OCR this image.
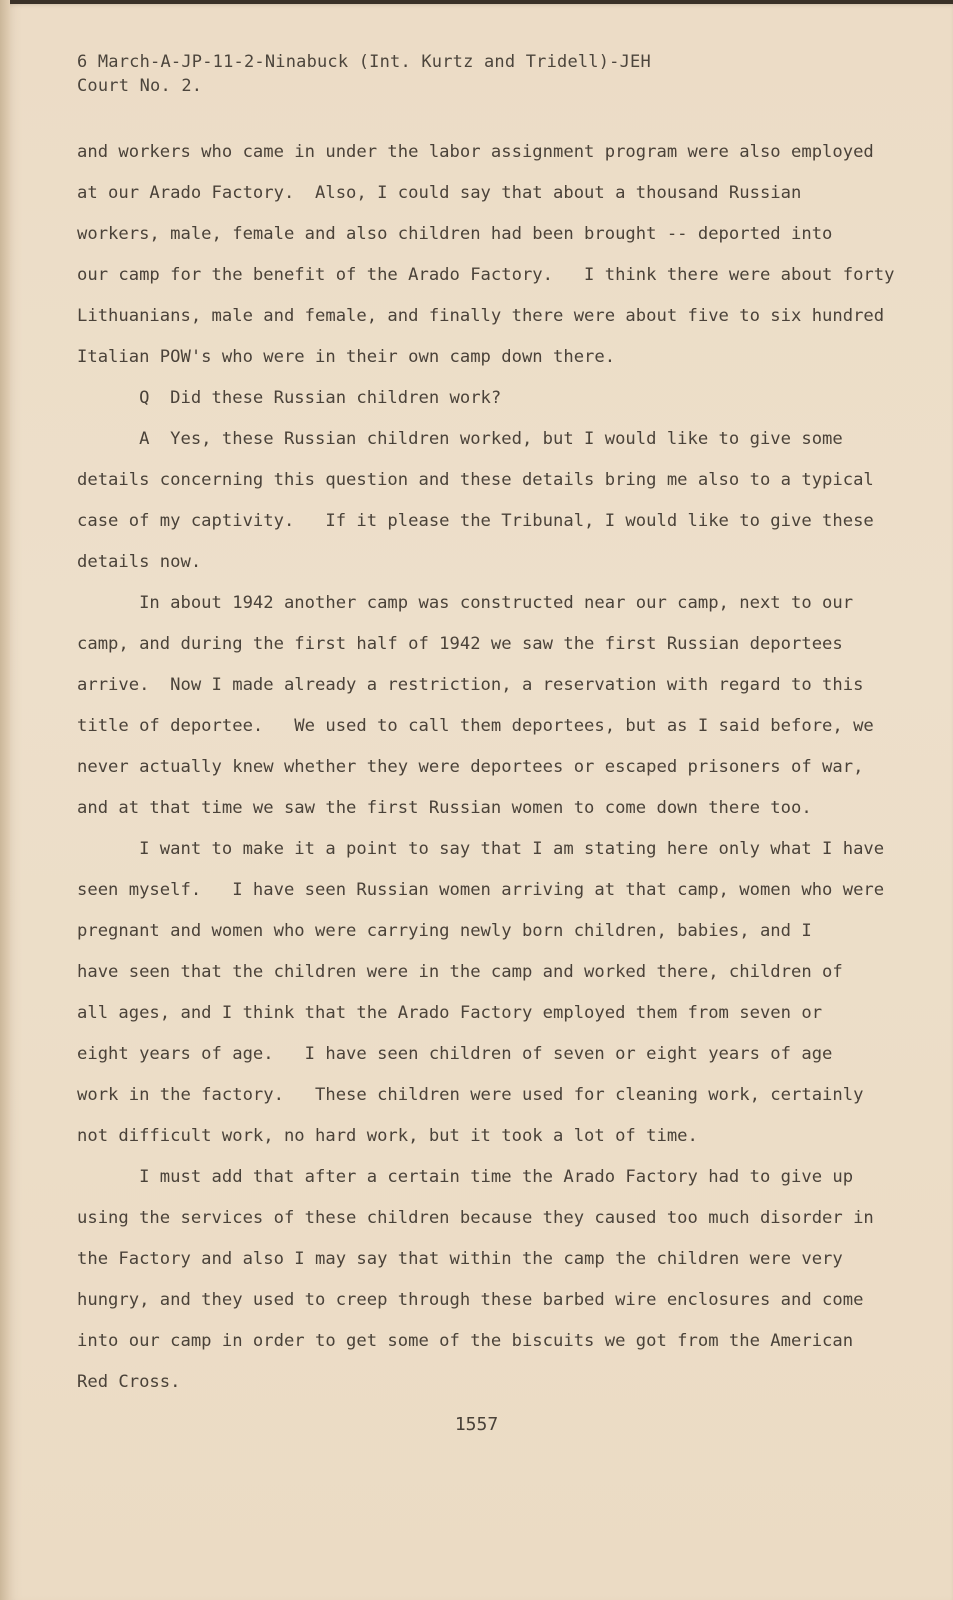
6 March-A-JP-11-2-Ninabuck (Int. Kurtz and Tridell)-JEH
Court No. 2.
and workers who came in under the labor assignment program were also employed
at our Arado Factory.  Also, I could say that about a thousand Russian
workers, male, female and also children had been brought -- deported into
our camp for the benefit of the Arado Factory.   I think there were about forty
Lithuanians, male and female, and finally there were about five to six hundred
Italian POW's who were in their own camp down there.
Q  Did these Russian children work?
A  Yes, these Russian children worked, but I would like to give some
details concerning this question and these details bring me also to a typical
case of my captivity.   If it please the Tribunal, I would like to give these
details now.
In about 1942 another camp was constructed near our camp, next to our
camp, and during the first half of 1942 we saw the first Russian deportees
arrive.  Now I made already a restriction, a reservation with regard to this
title of deportee.   We used to call them deportees, but as I said before, we
never actually knew whether they were deportees or escaped prisoners of war,
and at that time we saw the first Russian women to come down there too.
I want to make it a point to say that I am stating here only what I have
seen myself.   I have seen Russian women arriving at that camp, women who were
pregnant and women who were carrying newly born children, babies, and I
have seen that the children were in the camp and worked there, children of
all ages, and I think that the Arado Factory employed them from seven or
eight years of age.   I have seen children of seven or eight years of age
work in the factory.   These children were used for cleaning work, certainly
not difficult work, no hard work, but it took a lot of time.
I must add that after a certain time the Arado Factory had to give up
using the services of these children because they caused too much disorder in
the Factory and also I may say that within the camp the children were very
hungry, and they used to creep through these barbed wire enclosures and come
into our camp in order to get some of the biscuits we got from the American
Red Cross.
1557
